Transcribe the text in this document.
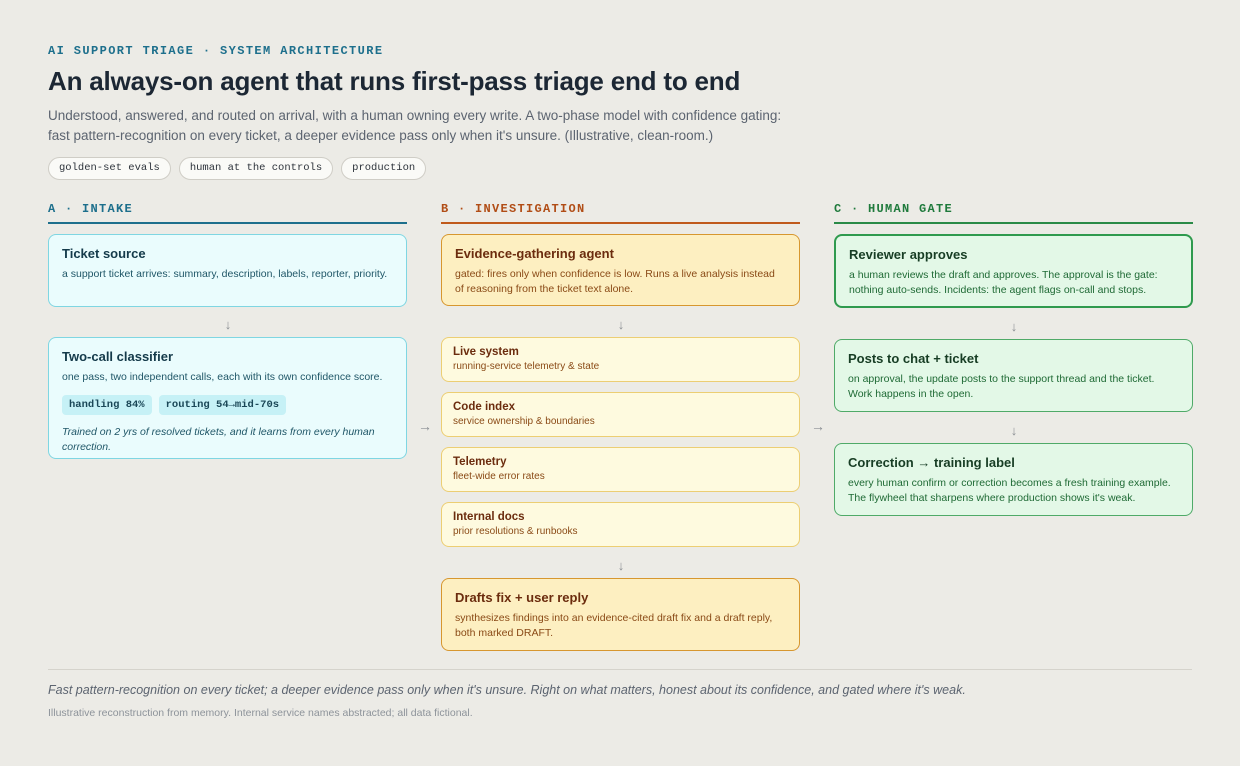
AI SUPPORT TRIAGE · SYSTEM ARCHITECTURE
An always-on agent that runs first-pass triage end to end

Understood, answered, and routed on arrival, with a human owning every write. A two-phase model with confidence gating: fast pattern-recognition on every ticket, a deeper evidence pass only when it's unsure. (Illustrative, clean-room.)

golden-set evals	human at the controls	production
A · INTAKE
Ticket source
a support ticket arrives: summary, description, labels, reporter, priority.
↓
Two-call classifier
one pass, two independent calls, each with its own confidence score.
handling 84%	routing 54→mid-70s
Trained on 2 yrs of resolved tickets, and it learns from every human correction.
→
B · INVESTIGATION
Evidence-gathering agent
gated: fires only when confidence is low. Runs a live analysis instead of reasoning from the ticket text alone.
↓
Live system
running-service telemetry & state
Code index
service ownership & boundaries
Telemetry
fleet-wide error rates
Internal docs
prior resolutions & runbooks
↓
Drafts fix + user reply
synthesizes findings into an evidence-cited draft fix and a draft reply, both marked DRAFT.
→
C · HUMAN GATE
Reviewer approves
a human reviews the draft and approves. The approval is the gate: nothing auto-sends. Incidents: the agent flags on-call and stops.
↓
Posts to chat + ticket
on approval, the update posts to the support thread and the ticket. Work happens in the open.
↓
Correction → training label
every human confirm or correction becomes a fresh training example. The flywheel that sharpens where production shows it's weak.

Fast pattern-recognition on every ticket; a deeper evidence pass only when it's unsure. Right on what matters, honest about its confidence, and gated where it's weak.

Illustrative reconstruction from memory. Internal service names abstracted; all data fictional.
